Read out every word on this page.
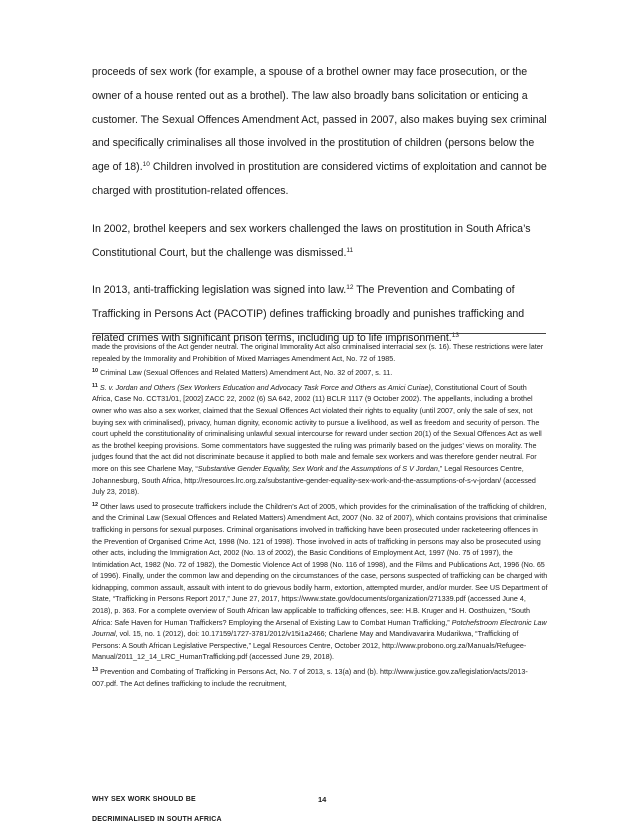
proceeds of sex work (for example, a spouse of a brothel owner may face prosecution, or the owner of a house rented out as a brothel). The law also broadly bans solicitation or enticing a customer. The Sexual Offences Amendment Act, passed in 2007, also makes buying sex criminal and specifically criminalises all those involved in the prostitution of children (persons below the age of 18).$^{10}$ Children involved in prostitution are considered victims of exploitation and cannot be charged with prostitution-related offences.

In 2002, brothel keepers and sex workers challenged the laws on prostitution in South Africa’s Constitutional Court, but the challenge was dismissed.$^{11}$

In 2013, anti-trafficking legislation was signed into law.$^{12}$ The Prevention and Combating of Trafficking in Persons Act (PACOTIP) defines trafficking broadly and punishes trafficking and related crimes with significant prison terms, including up to life imprisonment.$^{13}$

made the provisions of the Act gender neutral. The original Immorality Act also criminalised interracial sex (s. 16). These restrictions were later repealed by the Immorality and Prohibition of Mixed Marriages Amendment Act, No. 72 of 1985.

$^{10}$ Criminal Law (Sexual Offences and Related Matters) Amendment Act, No. 32 of 2007, s. 11.

$^{11}$ S. v. Jordan and Others (Sex Workers Education and Advocacy Task Force and Others as Amici Curiae), Constitutional Court of South Africa, Case No. CCT31/01, [2002] ZACC 22, 2002 (6) SA 642, 2002 (11) BCLR 1117 (9 October 2002). The appellants, including a brothel owner who was also a sex worker, claimed that the Sexual Offences Act violated their rights to equality (until 2007, only the sale of sex, not buying sex with criminalised), privacy, human dignity, economic activity to pursue a livelihood, as well as freedom and security of person. The court upheld the constitutionality of criminalising unlawful sexual intercourse for reward under section 20(1) of the Sexual Offences Act as well as the brothel keeping provisions. Some commentators have suggested the ruling was primarily based on the judges’ views on morality. The judges found that the act did not discriminate because it applied to both male and female sex workers and was therefore gender neutral. For more on this see Charlene May, “Substantive Gender Equality, Sex Work and the Assumptions of S V Jordan,” Legal Resources Centre, Johannesburg, South Africa, http://resources.lrc.org.za/substantive-gender-equality-sex-work-and-the-assumptions-of-s-v-jordan/ (accessed July 23, 2018).

$^{12}$ Other laws used to prosecute traffickers include the Children’s Act of 2005, which provides for the criminalisation of the trafficking of children, and the Criminal Law (Sexual Offences and Related Matters) Amendment Act, 2007 (No. 32 of 2007), which contains provisions that criminalise trafficking in persons for sexual purposes. Criminal organisations involved in trafficking have been prosecuted under racketeering offences in the Prevention of Organised Crime Act, 1998 (No. 121 of 1998). Those involved in acts of trafficking in persons may also be prosecuted using other acts, including the Immigration Act, 2002 (No. 13 of 2002), the Basic Conditions of Employment Act, 1997 (No. 75 of 1997), the Intimidation Act, 1982 (No. 72 of 1982), the Domestic Violence Act of 1998 (No. 116 of 1998), and the Films and Publications Act, 1996 (No. 65 of 1996). Finally, under the common law and depending on the circumstances of the case, persons suspected of trafficking can be charged with kidnapping, common assault, assault with intent to do grievous bodily harm, extortion, attempted murder, and/or murder. See US Department of State, “Trafficking in Persons Report 2017,” June 27, 2017, https://www.state.gov/documents/organization/271339.pdf (accessed June 4, 2018), p. 363. For a complete overview of South African law applicable to trafficking offences, see: H.B. Kruger and H. Oosthuizen, “South Africa: Safe Haven for Human Traffickers? Employing the Arsenal of Existing Law to Combat Human Trafficking,” Potchefstroom Electronic Law Journal, vol. 15, no. 1 (2012), doi: 10.17159/1727-3781/2012/v15i1a2466; Charlene May and Mandivavarira Mudarikwa, “Trafficking of Persons: A South African Legislative Perspective,” Legal Resources Centre, October 2012, http://www.probono.org.za/Manuals/Refugee-Manual/2011_12_14_LRC_HumanTrafficking.pdf (accessed June 29, 2018).

$^{13}$ Prevention and Combating of Trafficking in Persons Act, No. 7 of 2013, s. 13(a) and (b). http://www.justice.gov.za/legislation/acts/2013-007.pdf. The Act defines trafficking to include the recruitment,

WHY SEX WORK SHOULD BE
DECRIMINALISED IN SOUTH AFRICA
14
